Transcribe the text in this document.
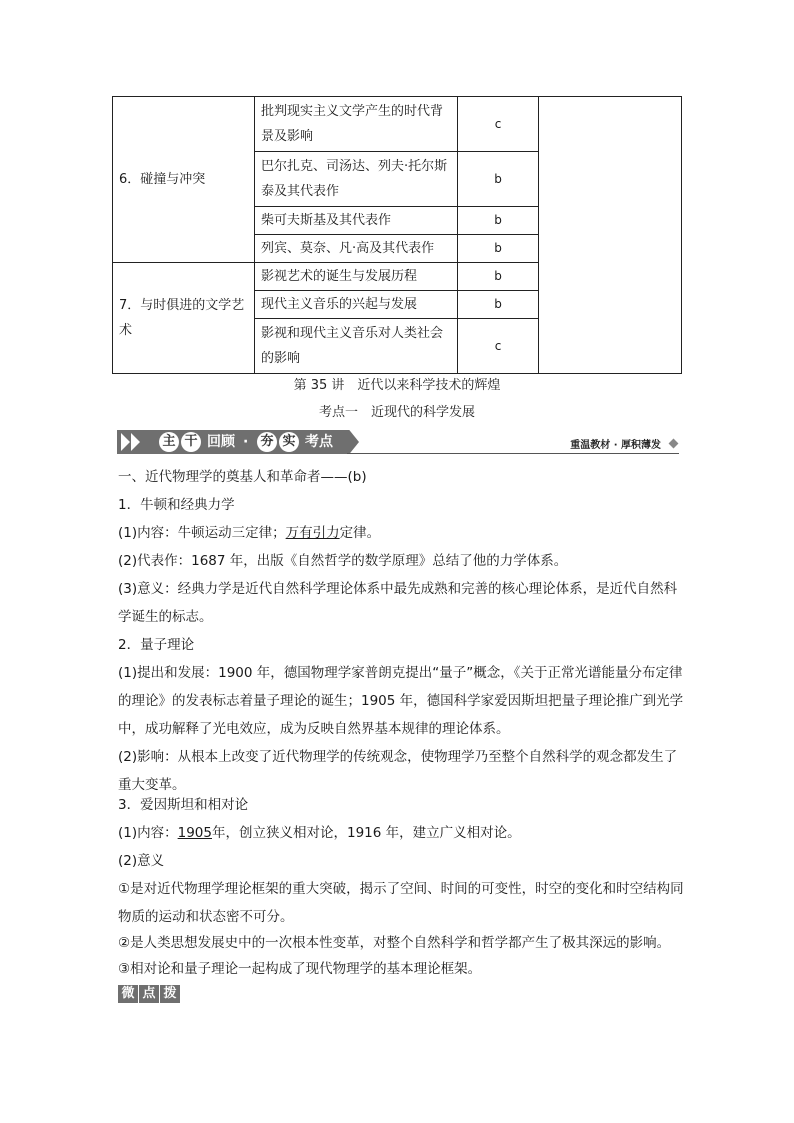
6．碰撞与冲突	批判现实主义文学产生的时代背景及影响	c	
	巴尔扎克、司汤达、列夫·托尔斯泰及其代表作	b	
	柴可夫斯基及其代表作	b	
	列宾、莫奈、凡·高及其代表作	b	
7．与时俱进的文学艺术	影视艺术的诞生与发展历程	b	
	现代主义音乐的兴起与发展	b	
	影视和现代主义音乐对人类社会的影响	c	
第 35 讲　近代以来科学技术的辉煌
考点一　近现代的科学发展
主 干 回顾 · 夯 实 考点	重温教材 · 厚积薄发
一、近代物理学的奠基人和革命者——(b)
1．牛顿和经典力学
(1)内容：牛顿运动三定律；万有引力定律。
(2)代表作：1687 年，出版《自然哲学的数学原理》总结了他的力学体系。
(3)意义：经典力学是近代自然科学理论体系中最先成熟和完善的核心理论体系，是近代自然科学诞生的标志。
2．量子理论
(1)提出和发展：1900 年，德国物理学家普朗克提出“量子”概念，《关于正常光谱能量分布定律的理论》的发表标志着量子理论的诞生；1905 年，德国科学家爱因斯坦把量子理论推广到光学中，成功解释了光电效应，成为反映自然界基本规律的理论体系。
(2)影响：从根本上改变了近代物理学的传统观念，使物理学乃至整个自然科学的观念都发生了重大变革。
3．爱因斯坦和相对论
(1)内容：1905年，创立狭义相对论，1916 年，建立广义相对论。
(2)意义
①是对近代物理学理论框架的重大突破，揭示了空间、时间的可变性，时空的变化和时空结构同物质的运动和状态密不可分。
②是人类思想发展史中的一次根本性变革，对整个自然科学和哲学都产生了极其深远的影响。
③相对论和量子理论一起构成了现代物理学的基本理论框架。
微 点 拨
